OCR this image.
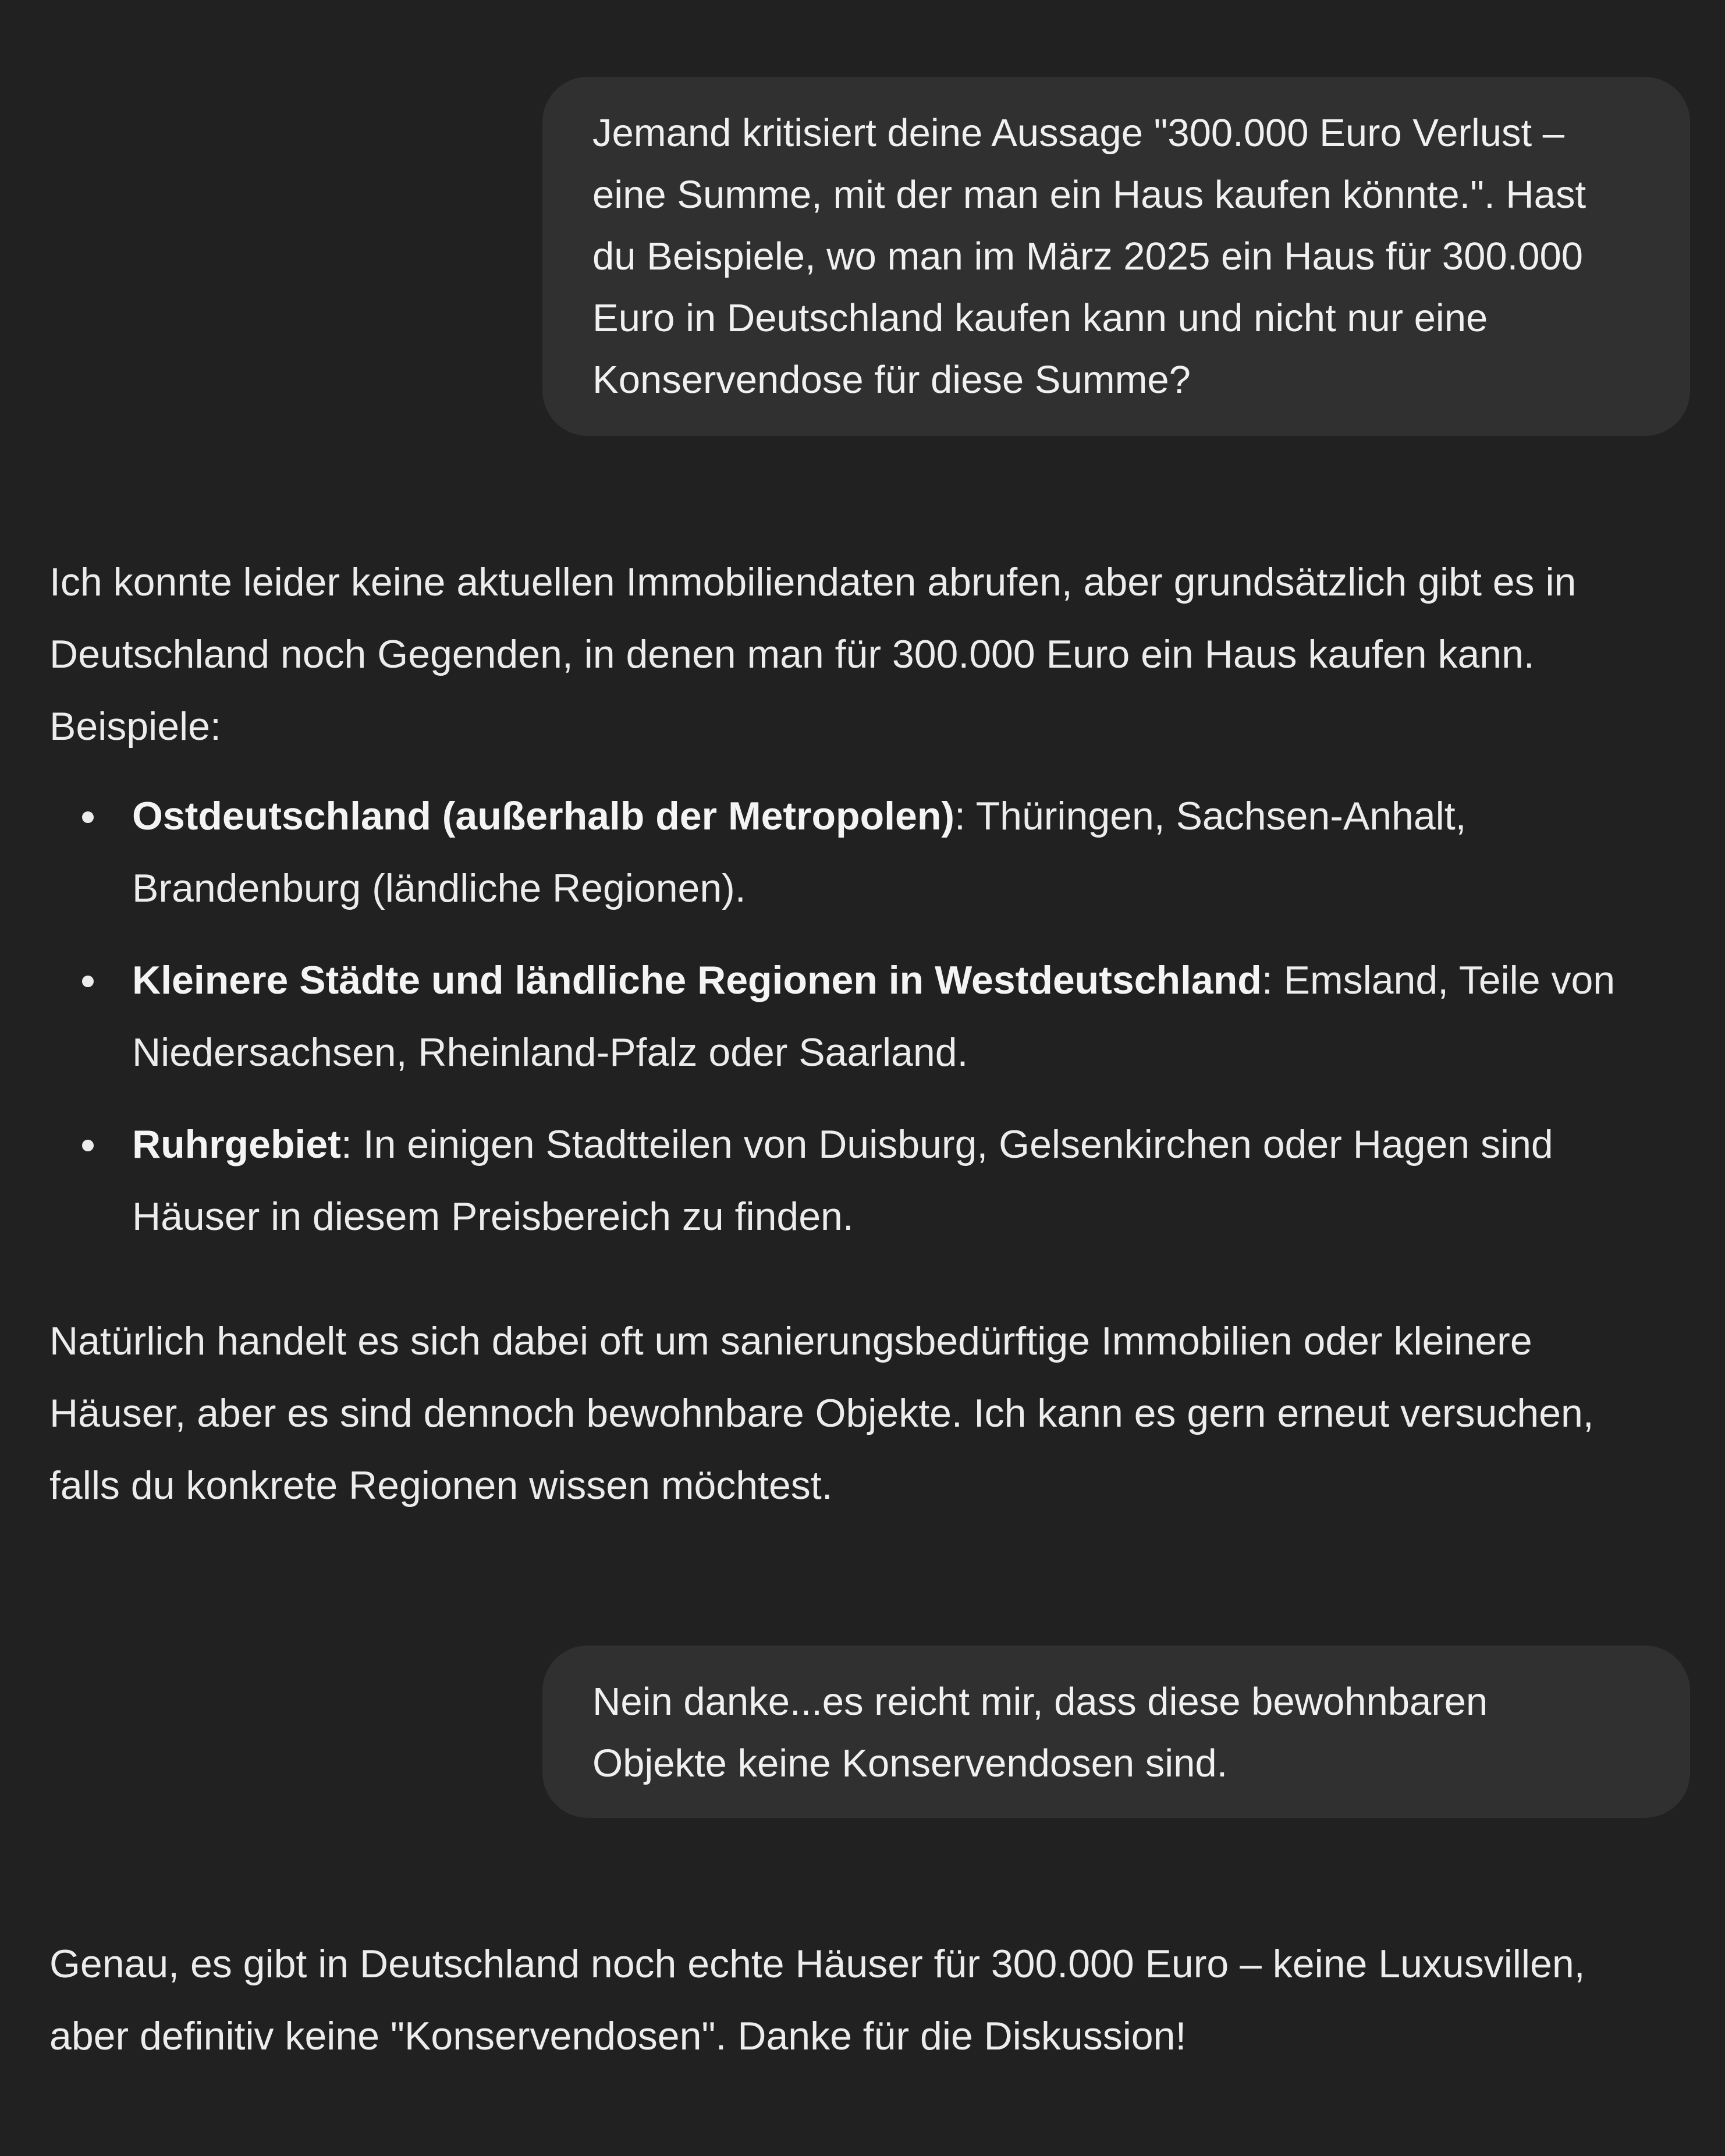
Jemand kritisiert deine Aussage "300.000 Euro Verlust –
eine Summe, mit der man ein Haus kaufen könnte.". Hast
du Beispiele, wo man im März 2025 ein Haus für 300.000
Euro in Deutschland kaufen kann und nicht nur eine
Konservendose für diese Summe?

Ich konnte leider keine aktuellen Immobiliendaten abrufen, aber grundsätzlich gibt es in
Deutschland noch Gegenden, in denen man für 300.000 Euro ein Haus kaufen kann.
Beispiele:

Ostdeutschland (außerhalb der Metropolen): Thüringen, Sachsen-Anhalt,
Brandenburg (ländliche Regionen).
Kleinere Städte und ländliche Regionen in Westdeutschland: Emsland, Teile von
Niedersachsen, Rheinland-Pfalz oder Saarland.
Ruhrgebiet: In einigen Stadtteilen von Duisburg, Gelsenkirchen oder Hagen sind
Häuser in diesem Preisbereich zu finden.
Natürlich handelt es sich dabei oft um sanierungsbedürftige Immobilien oder kleinere
Häuser, aber es sind dennoch bewohnbare Objekte. Ich kann es gern erneut versuchen,
falls du konkrete Regionen wissen möchtest.
Nein danke...es reicht mir, dass diese bewohnbaren
Objekte keine Konservendosen sind.

Genau, es gibt in Deutschland noch echte Häuser für 300.000 Euro – keine Luxusvillen,
aber definitiv keine "Konservendosen". Danke für die Diskussion!
